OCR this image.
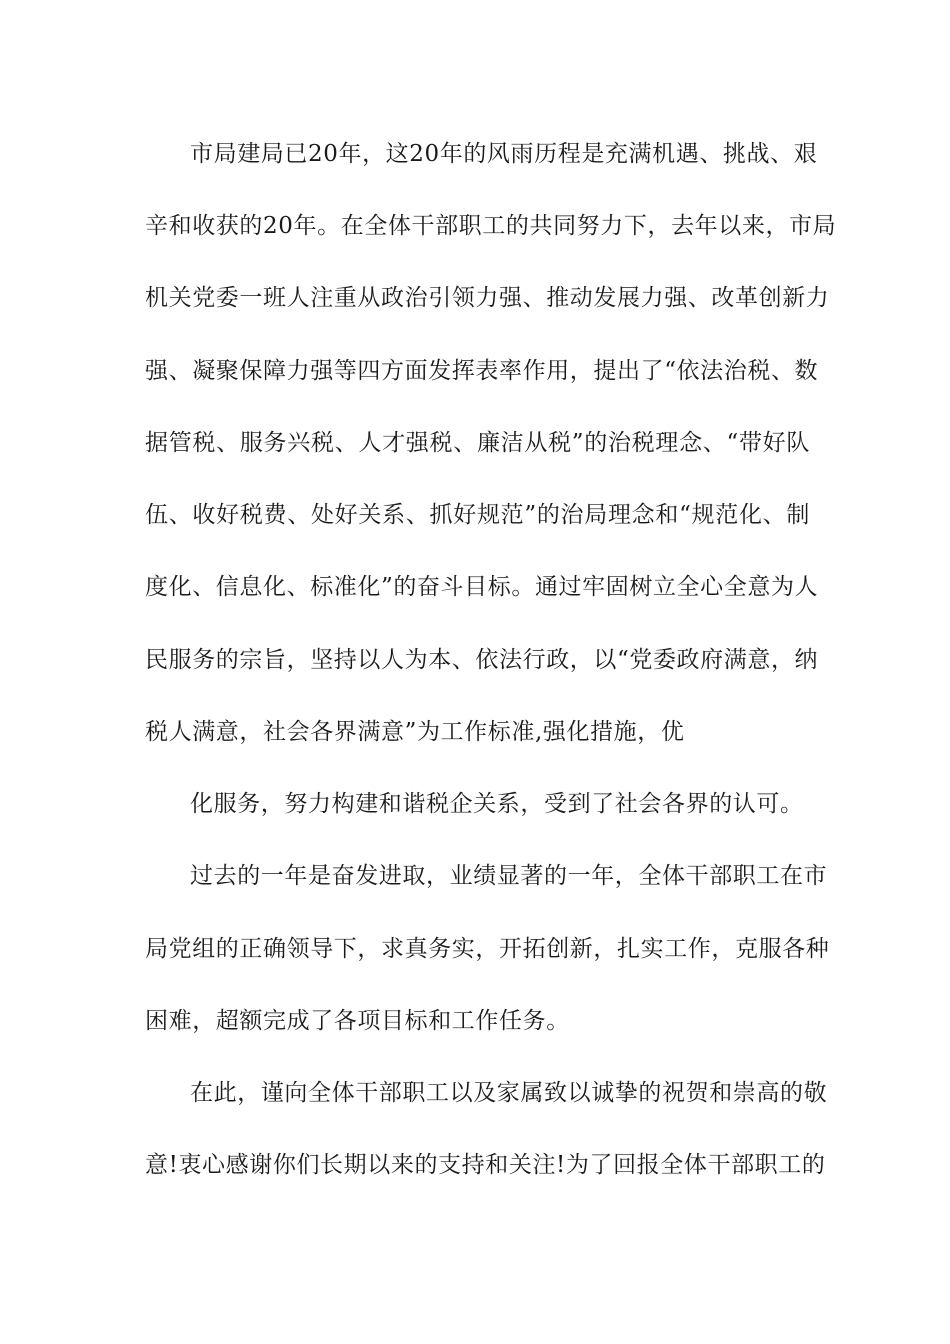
市局建局已20年，这20年的风雨历程是充满机遇、挑战、艰
辛和收获的20年。在全体干部职工的共同努力下，去年以来，市局
机关党委一班人注重从政治引领力强、推动发展力强、改革创新力
强、凝聚保障力强等四方面发挥表率作用，提出了“依法治税、数
据管税、服务兴税、人才强税、廉洁从税”的治税理念、“带好队
伍、收好税费、处好关系、抓好规范”的治局理念和“规范化、制
度化、信息化、标准化”的奋斗目标。通过牢固树立全心全意为人
民服务的宗旨，坚持以人为本、依法行政，以“党委政府满意，纳
税人满意，社会各界满意”为工作标准,强化措施，优
化服务，努力构建和谐税企关系，受到了社会各界的认可。
过去的一年是奋发进取，业绩显著的一年，全体干部职工在市
局党组的正确领导下，求真务实，开拓创新，扎实工作，克服各种
困难，超额完成了各项目标和工作任务。
在此，谨向全体干部职工以及家属致以诚挚的祝贺和崇高的敬
意!衷心感谢你们长期以来的支持和关注!为了回报全体干部职工的
